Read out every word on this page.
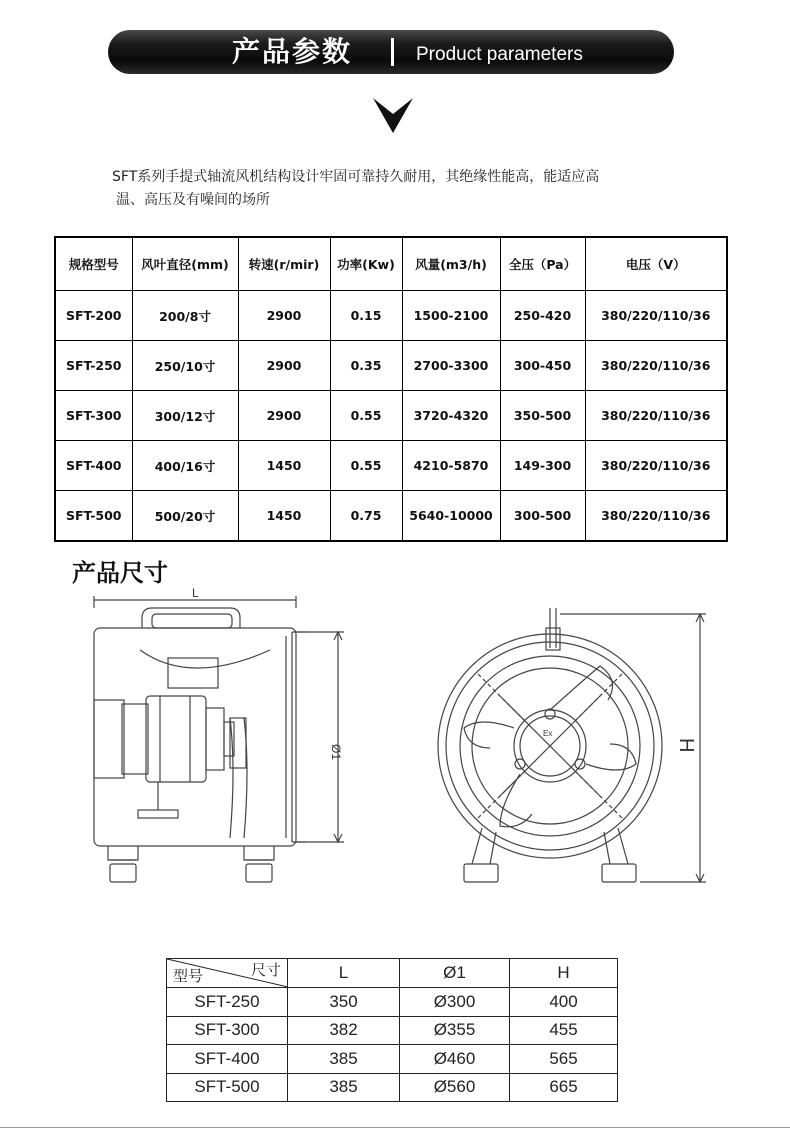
产品参数	Product parameters
SFT系列手提式轴流风机结构设计牢固可靠持久耐用，其绝缘性能高，能适应高
温、高压及有噪间的场所
规格型号	风叶直径(mm)	转速(r/mir)	功率(Kw)	风量(m3/h)	全压（Pa）	电压（V）
SFT-200	200/8寸	2900	0.15	1500-2100	250-420	380/220/110/36
SFT-250	250/10寸	2900	0.35	2700-3300	300-450	380/220/110/36
SFT-300	300/12寸	2900	0.55	3720-4320	350-500	380/220/110/36
SFT-400	400/16寸	1450	0.55	4210-5870	149-300	380/220/110/36
SFT-500	500/20寸	1450	0.75	5640-10000	300-500	380/220/110/36
产品尺寸
L
Ø1	H
Ex
尺寸
型号	L	Ø1	H
SFT-250	350	Ø300	400
SFT-300	382	Ø355	455
SFT-400	385	Ø460	565
SFT-500	385	Ø560	665
